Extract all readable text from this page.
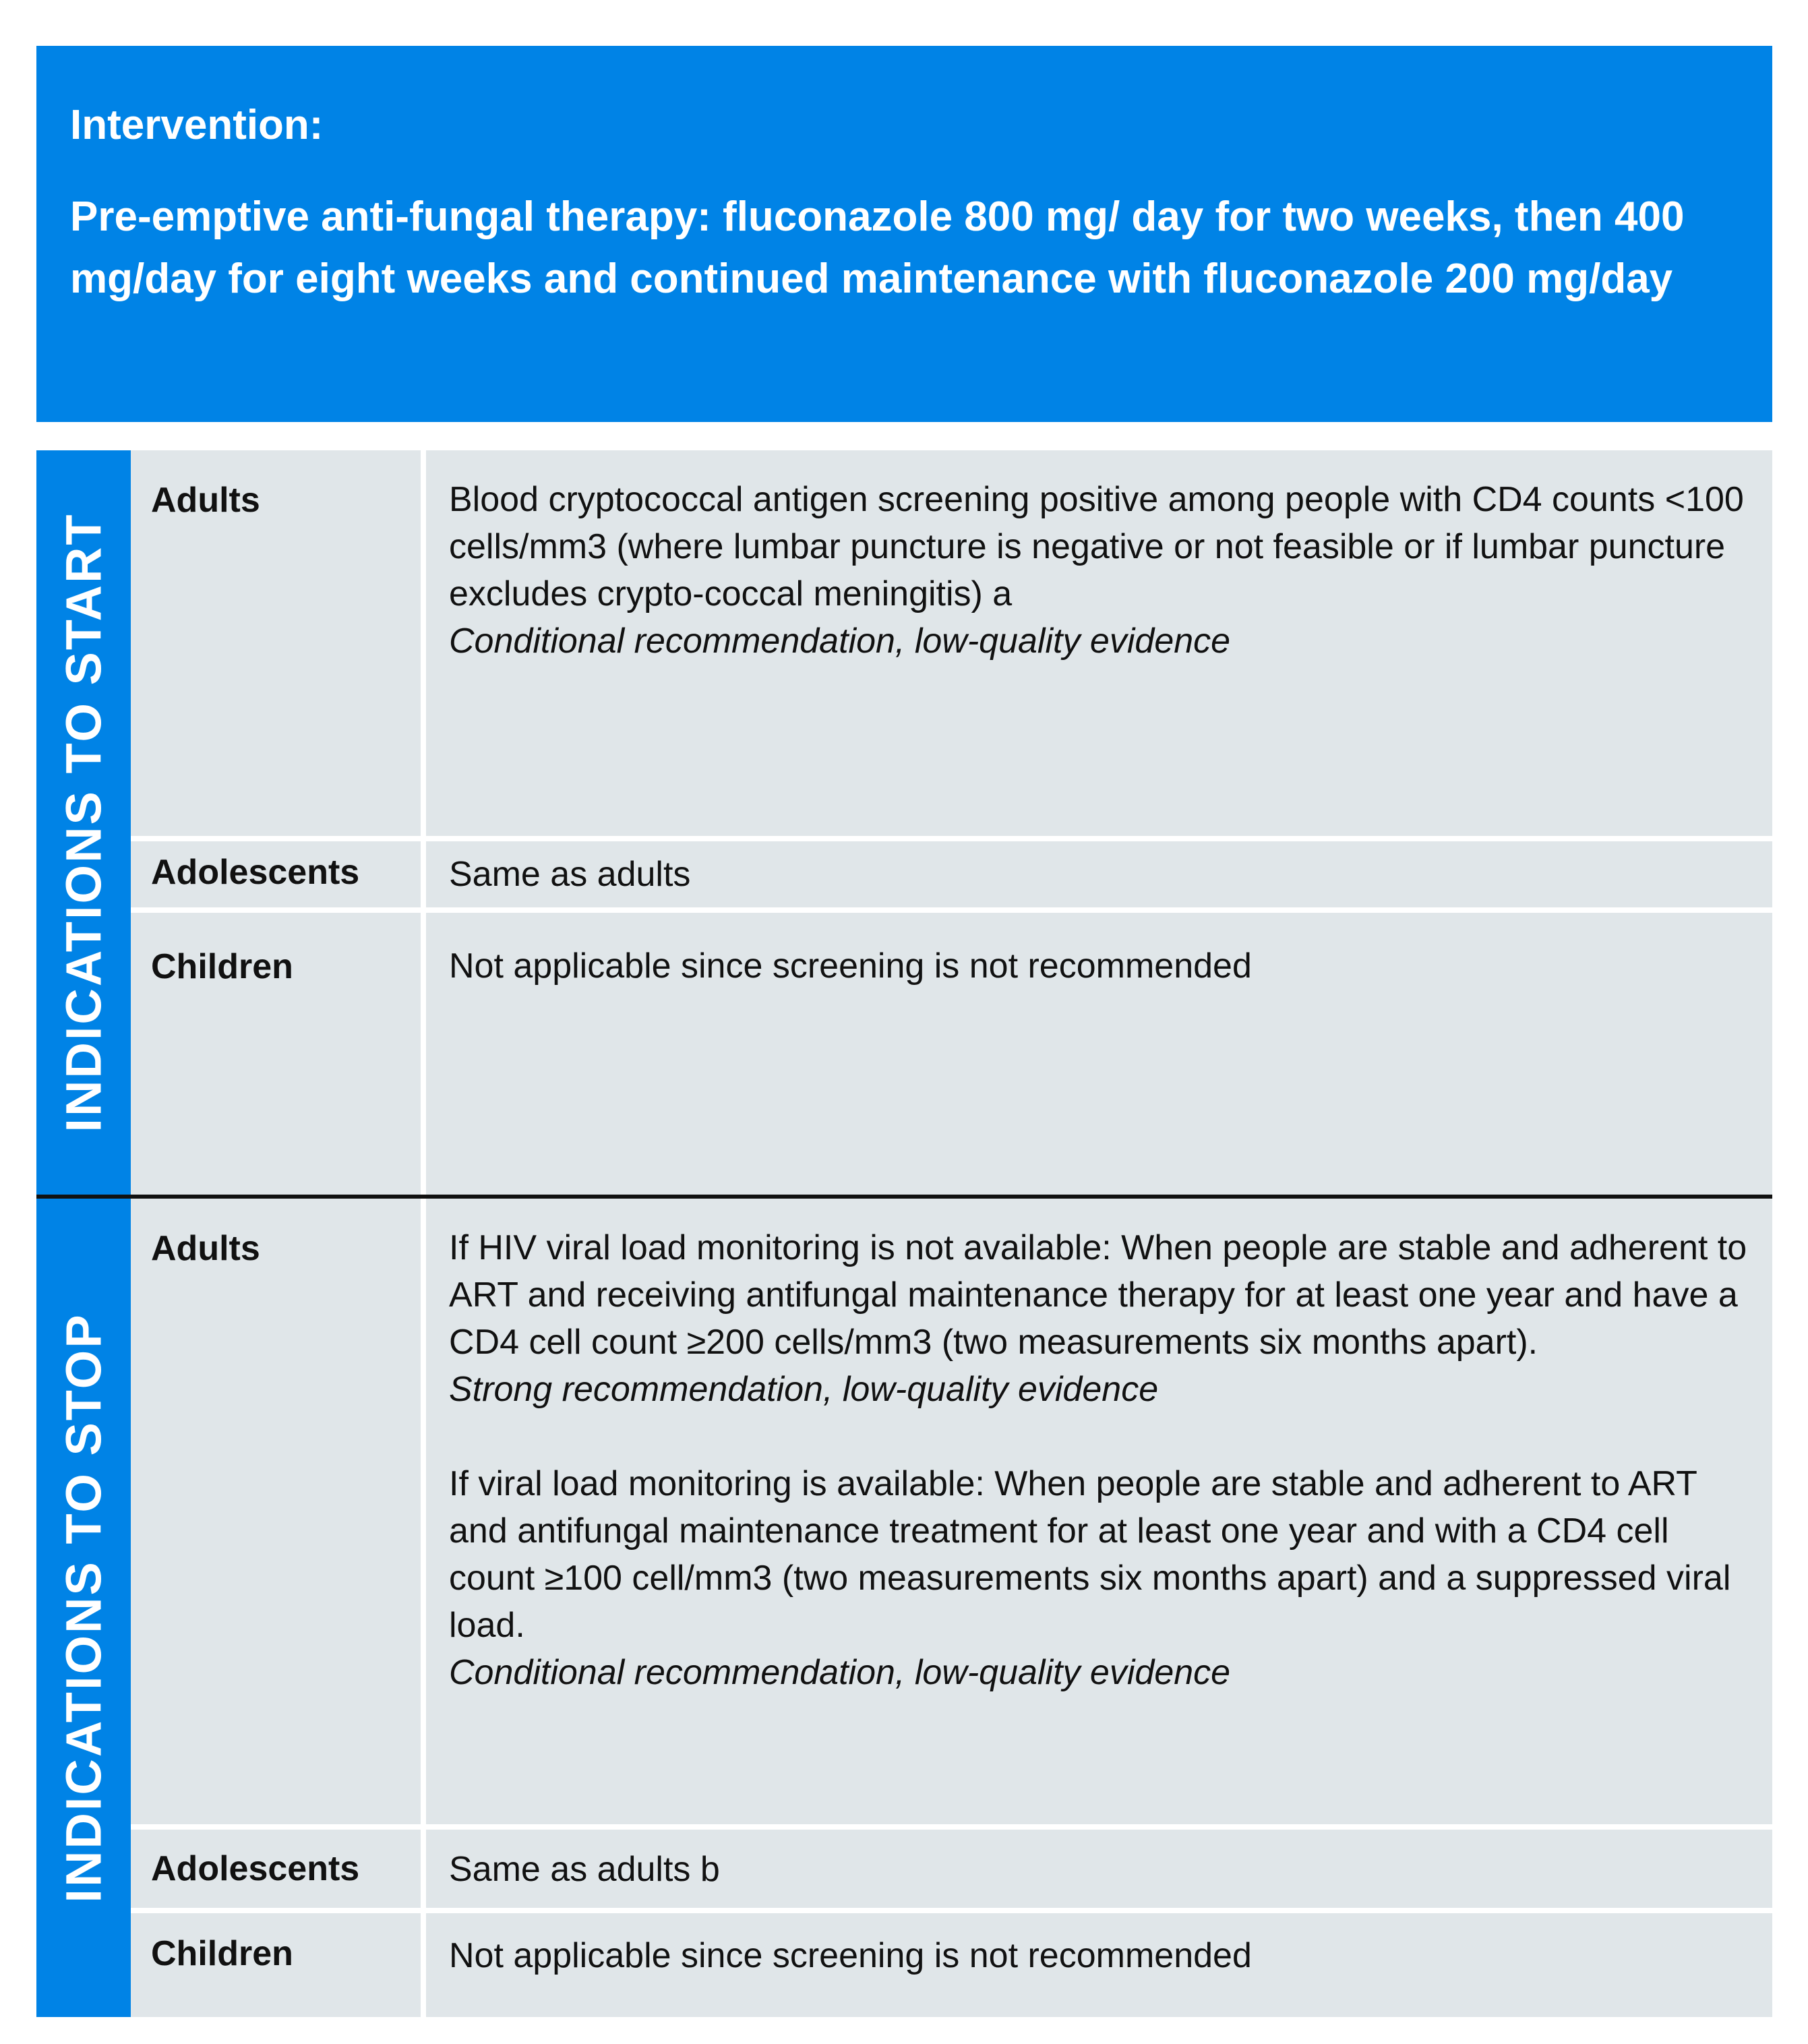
Intervention:

Pre-emptive anti-fungal therapy: fluconazole 800 mg/ day for two weeks, then 400 mg/day for eight weeks and continued maintenance with fluconazole 200 mg/day

INDICATIONS TO START
Adults	Blood cryptococcal antigen screening positive among people with CD4 counts <100 cells/mm3 (where lumbar puncture is negative or not feasible or if lumbar puncture excludes crypto-coccal meningitis) a

Conditional recommendation, low-quality evidence

Adolescents	Same as adults

Children	Not applicable since screening is not recommended

INDICATIONS TO STOP
Adults	If HIV viral load monitoring is not available: When people are stable and adherent to ART and receiving antifungal maintenance therapy for at least one year and have a CD4 cell count ≥200 cells/mm3 (two measurements six months apart).

Strong recommendation, low-quality evidence

If viral load monitoring is available: When people are stable and adherent to ART and antifungal maintenance treatment for at least one year and with a CD4 cell count ≥100 cell/mm3 (two measurements six months apart) and a suppressed viral load.

Conditional recommendation, low-quality evidence

Adolescents	Same as adults b

Children	Not applicable since screening is not recommended
